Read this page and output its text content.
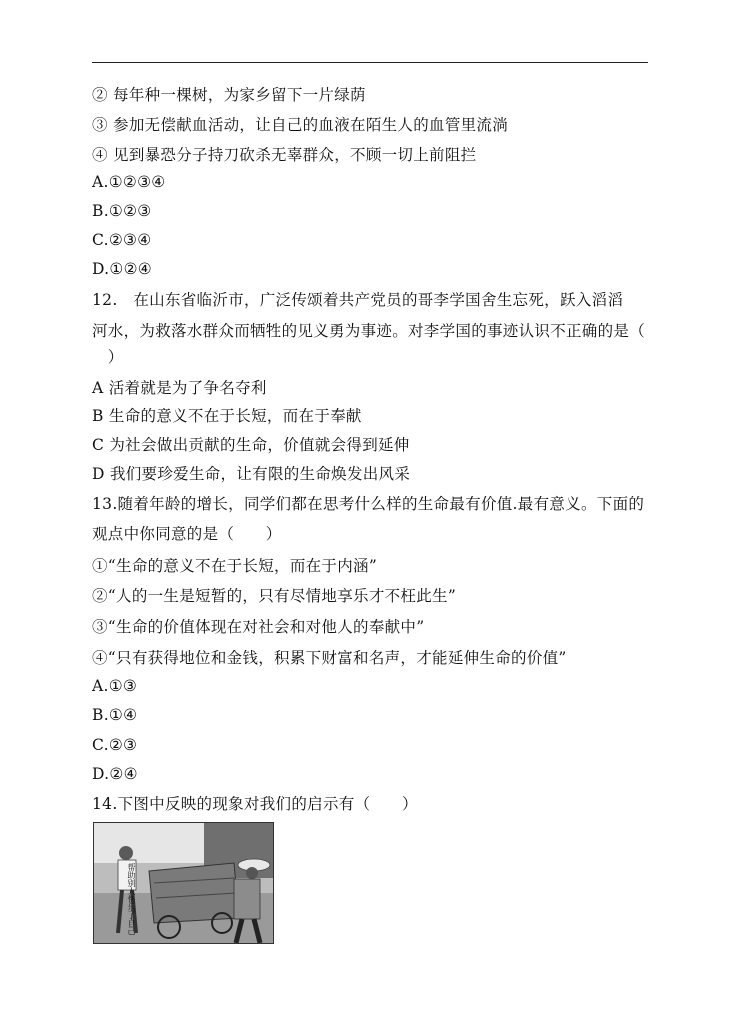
② 每年种一棵树，为家乡留下一片绿荫
③ 参加无偿献血活动，让自己的血液在陌生人的血管里流淌
④ 见到暴恐分子持刀砍杀无辜群众，不顾一切上前阻拦
A.①②③④
B.①②③
C.②③④
D.①②④
12.　在山东省临沂市，广泛传颂着共产党员的哥李学国舍生忘死，跃入滔滔
河水，为救落水群众而牺牲的见义勇为事迹。对李学国的事迹认识不正确的是（
　）
A 活着就是为了争名夺利
B 生命的意义不在于长短，而在于奉献
C 为社会做出贡献的生命，价值就会得到延伸
D 我们要珍爱生命，让有限的生命焕发出风采
13.随着年龄的增长，同学们都在思考什么样的生命最有价值.最有意义。下面的
观点中你同意的是（　　）
①“生命的意义不在于长短，而在于内涵”
②“人的一生是短暂的，只有尽情地享乐才不枉此生”
③“生命的价值体现在对社会和对他人的奉献中”
④“只有获得地位和金钱，积累下财富和名声，才能延伸生命的价值”
A.①③
B.①④
C.②③
D.②④
14.下图中反映的现象对我们的启示有（　　）
帮助别人快乐了自己
